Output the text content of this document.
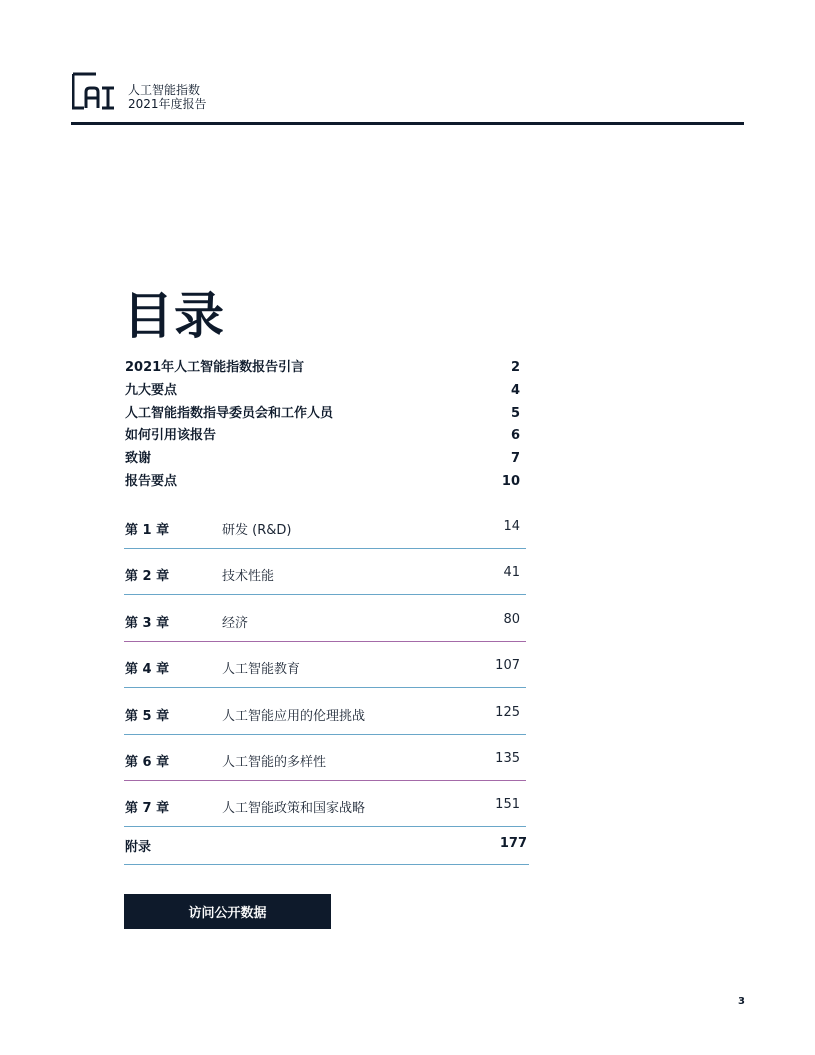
人工智能指数
2021年度报告
目录
2021年人工智能指数报告引言	2
九大要点	4
人工智能指数指导委员会和工作人员	5
如何引用该报告	6
致谢	7
报告要点	10
第 1 章	研发 (R&D)	14
第 2 章	技术性能	41
第 3 章	经济	80
第 4 章	人工智能教育	107
第 5 章	人工智能应用的伦理挑战	125
第 6 章	人工智能的多样性	135
第 7 章	人工智能政策和国家战略	151
附录	177
访问公开数据
3
